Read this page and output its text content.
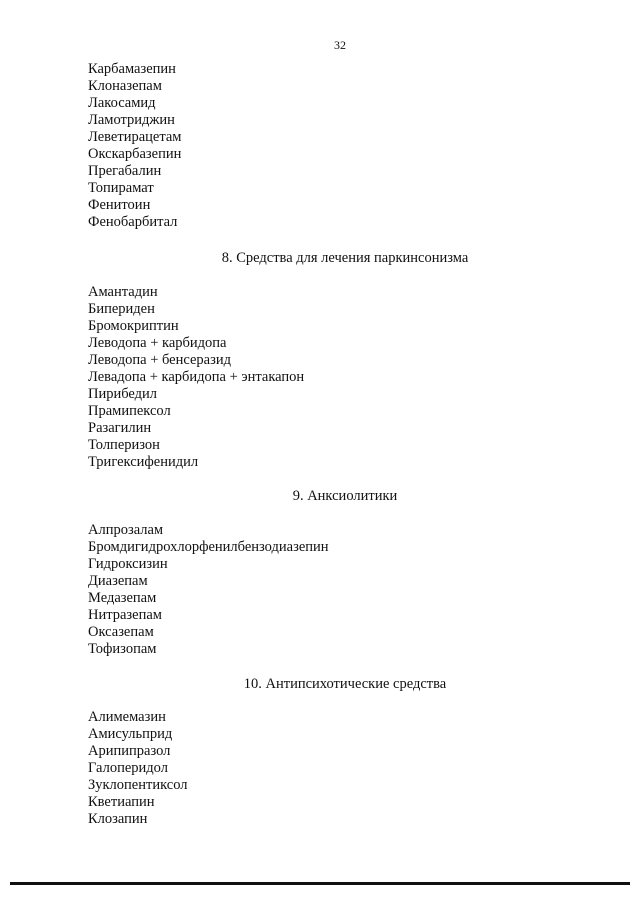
32
Карбамазепин
Клоназепам
Лакосамид
Ламотриджин
Леветирацетам
Окскарбазепин
Прегабалин
Топирамат
Фенитоин
Фенобарбитал
8. Средства для лечения паркинсонизма
Амантадин
Бипериден
Бромокриптин
Леводопа + карбидопа
Леводопа + бенсеразид
Левадопа + карбидопа + энтакапон
Пирибедил
Прамипексол
Разагилин
Толперизон
Тригексифенидил
9. Анксиолитики
Алпрозалам
Бромдигидрохлорфенилбензодиазепин
Гидроксизин
Диазепам
Медазепам
Нитразепам
Оксазепам
Тофизопам
10. Антипсихотические средства
Алимемазин
Амисульприд
Арипипразол
Галоперидол
Зуклопентиксол
Кветиапин
Клозапин
